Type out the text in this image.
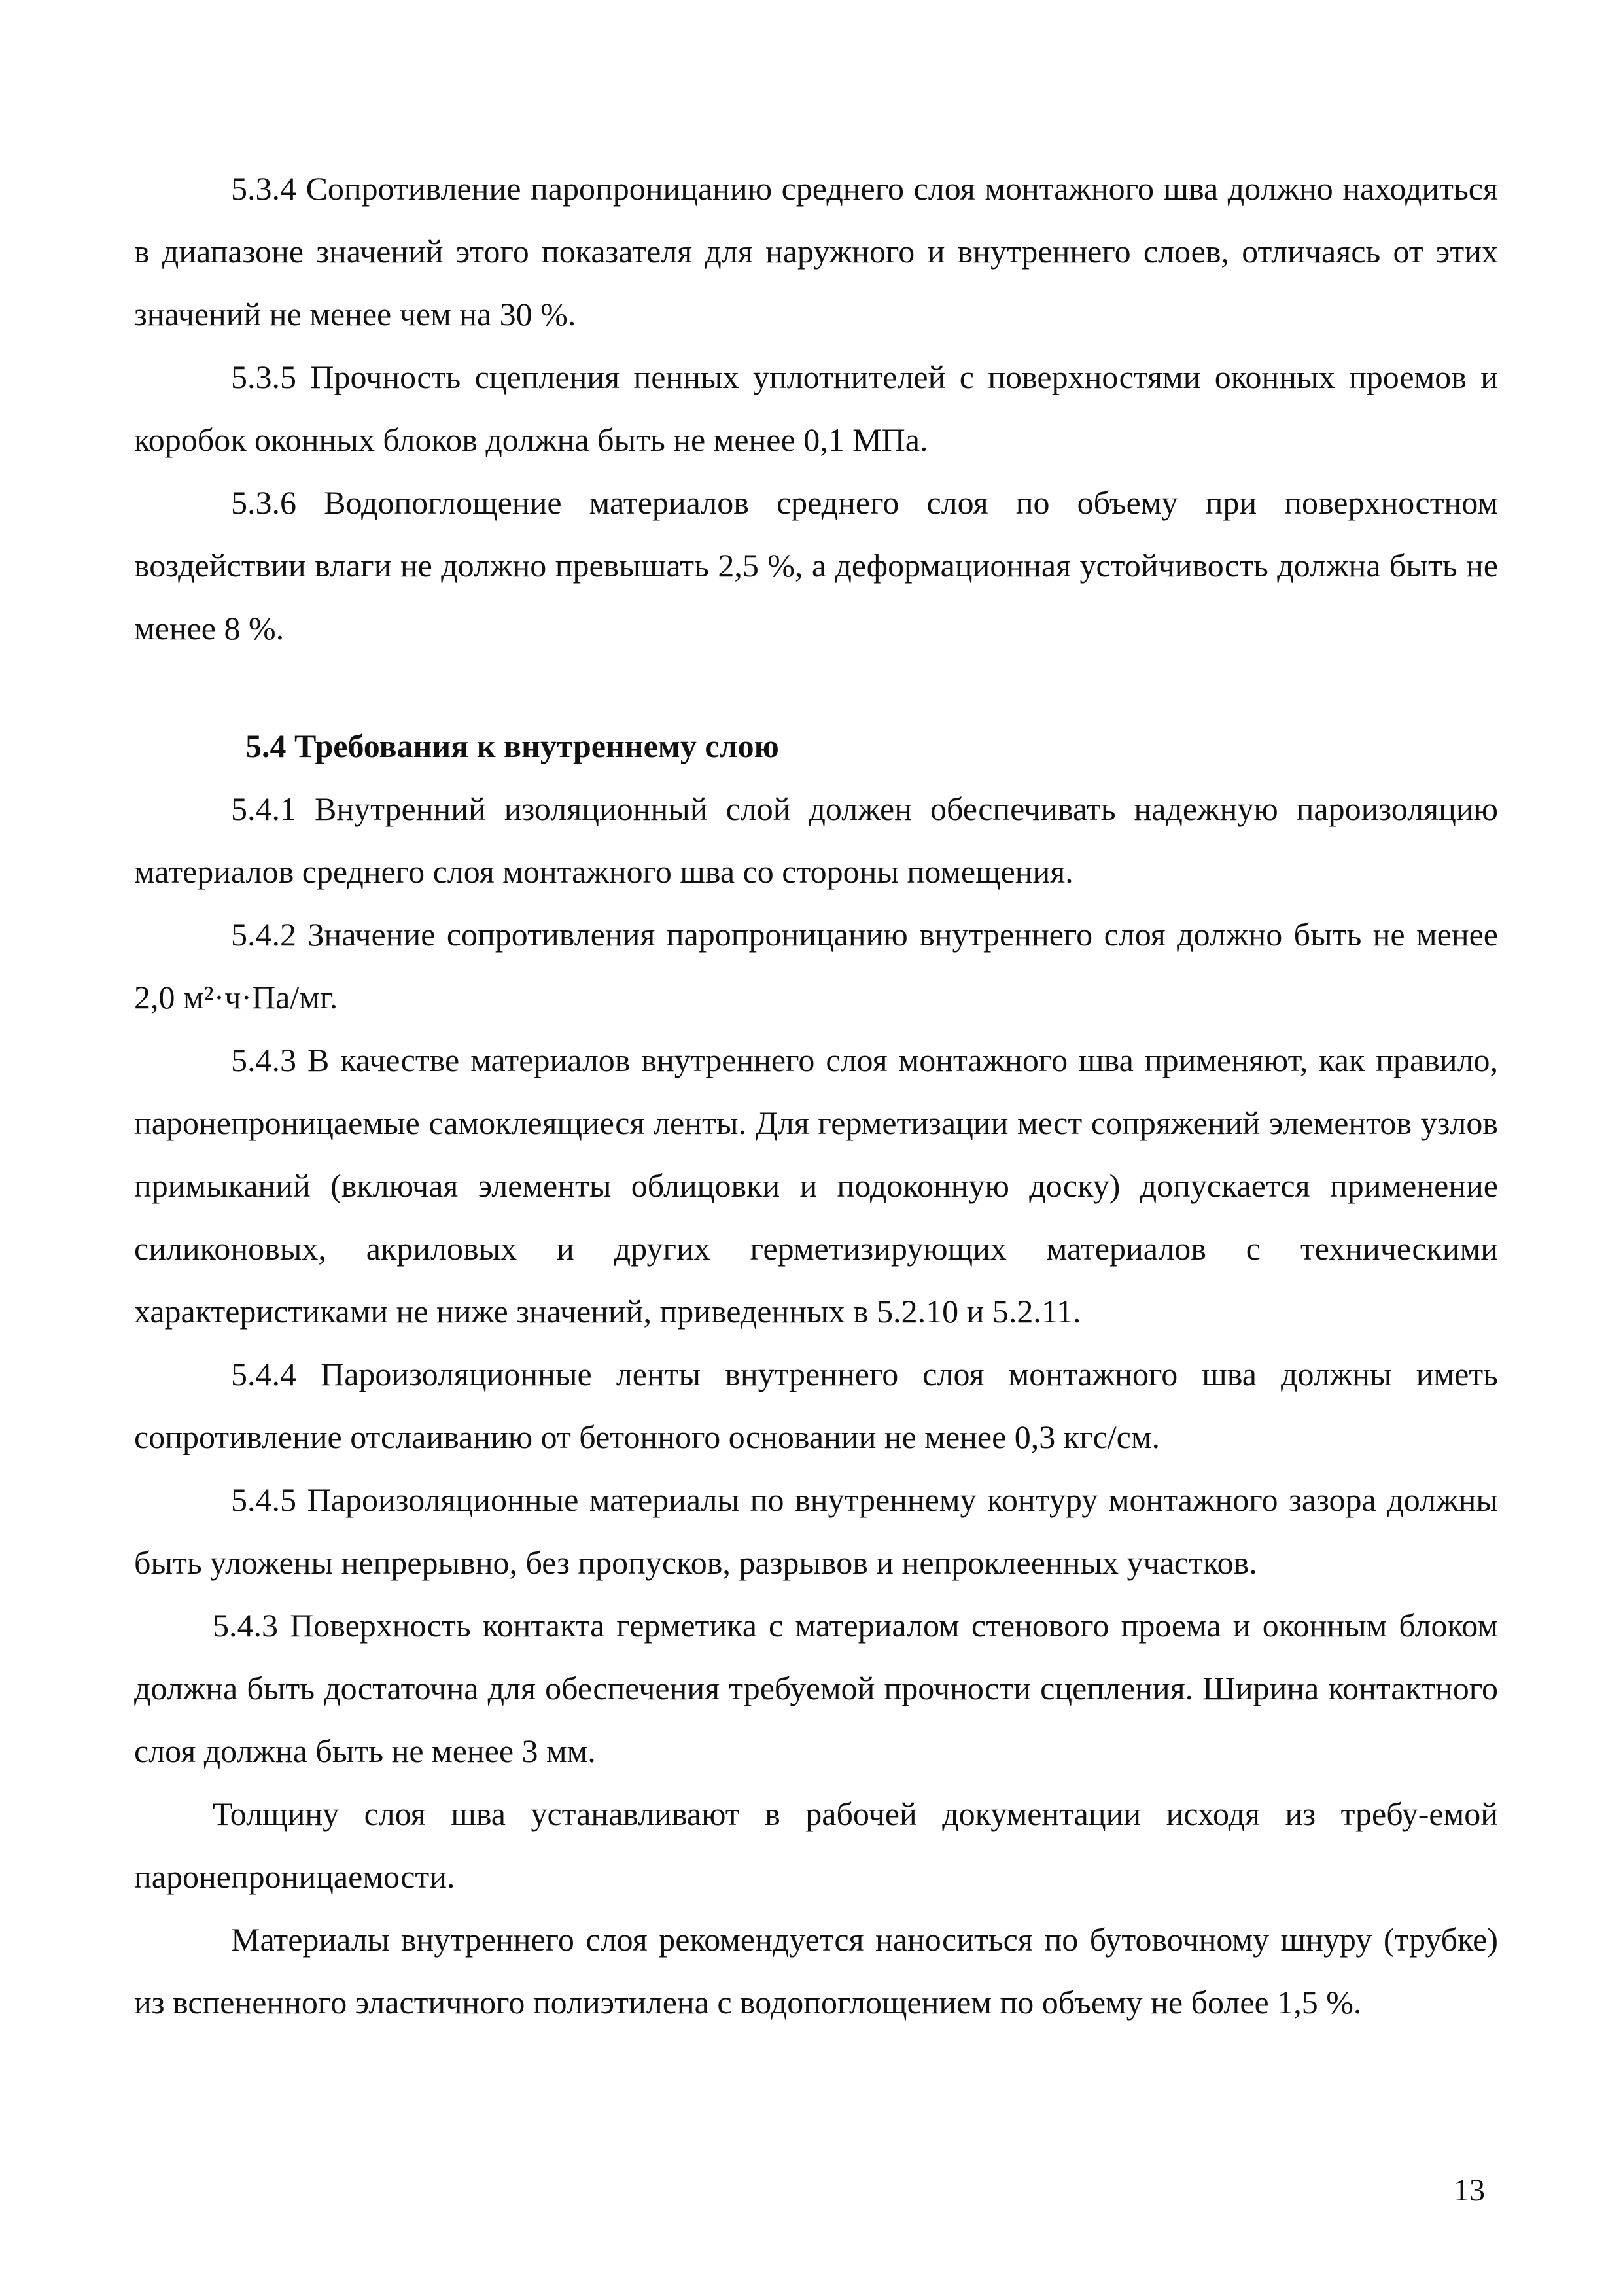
5.3.4 Сопротивление паропроницанию среднего слоя монтажного шва должно находиться в диапазоне значений этого показателя для наружного и внутреннего слоев, отличаясь от этих значений не менее чем на 30 %.

5.3.5 Прочность сцепления пенных уплотнителей с поверхностями оконных проемов и коробок оконных блоков должна быть не менее 0,1 МПа.

5.3.6 Водопоглощение материалов среднего слоя по объему при поверхностном воздействии влаги не должно превышать 2,5 %, а деформационная устойчивость должна быть не менее 8 %.

5.4 Требования к внутреннему слою

5.4.1 Внутренний изоляционный слой должен обеспечивать надежную пароизоляцию материалов среднего слоя монтажного шва со стороны помещения.

5.4.2 Значение сопротивления паропроницанию внутреннего слоя должно быть не менее 2,0 м²·ч·Па/мг.

5.4.3 В качестве материалов внутреннего слоя монтажного шва применяют, как правило, паронепроницаемые самоклеящиеся ленты. Для герметизации мест сопряжений элементов узлов примыканий (включая элементы облицовки и подоконную доску) допускается применение силиконовых, акриловых и других герметизирующих материалов с техническими характеристиками не ниже значений, приведенных в 5.2.10 и 5.2.11.

5.4.4 Пароизоляционные ленты внутреннего слоя монтажного шва должны иметь сопротивление отслаиванию от бетонного основании не менее 0,3 кгс/см.

5.4.5 Пароизоляционные материалы по внутреннему контуру монтажного зазора должны быть уложены непрерывно, без пропусков, разрывов и непроклеенных участков.

5.4.3 Поверхность контакта герметика с материалом стенового проема и оконным блоком должна быть достаточна для обеспечения требуемой прочности сцепления. Ширина контактного слоя должна быть не менее 3 мм.

Толщину слоя шва устанавливают в рабочей документации исходя из требу-емой паронепроницаемости.

Материалы внутреннего слоя рекомендуется наноситься по бутовочному шнуру (трубке) из вспененного эластичного полиэтилена с водопоглощением по объему не более 1,5 %.

13
